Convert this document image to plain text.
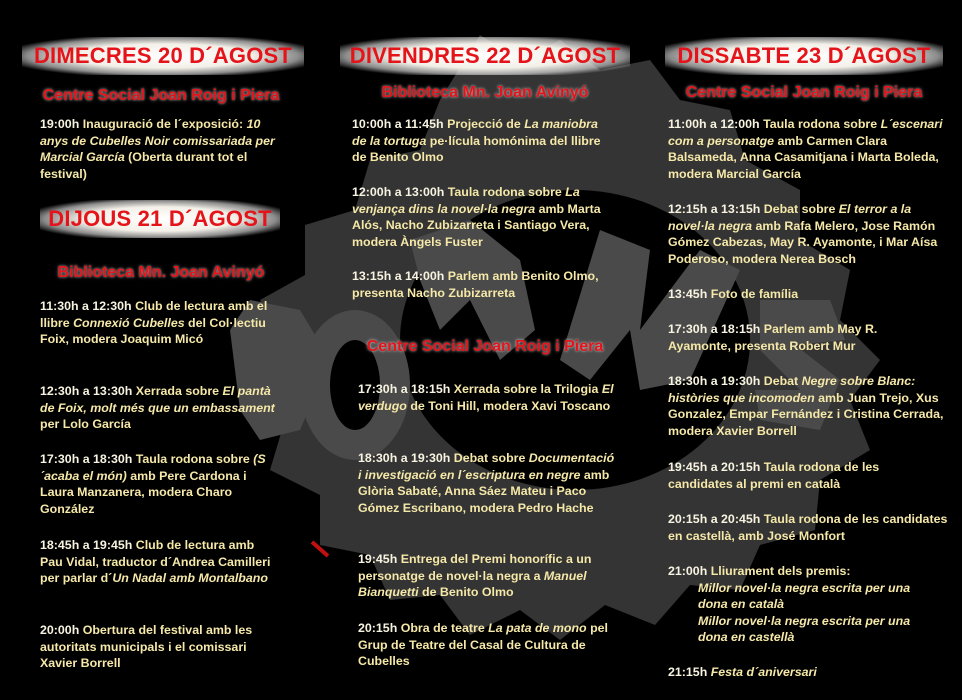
DIMECRES 20 D´AGOST
Centre Social Joan Roig i Piera
19:00h Inauguració de l´exposició: 10 anys de Cubelles Noir comissariada per Marcial García (Oberta durant tot el festival)
DIJOUS 21 D´AGOST
Biblioteca Mn. Joan Avinyó
11:30h a 12:30h Club de lectura amb el llibre Connexió Cubelles del Col·lectiu Foix, modera Joaquim Micó
12:30h a 13:30h Xerrada sobre El pantà de Foix, molt més que un embassament per Lolo García
17:30h a 18:30h Taula rodona sobre (S´acaba el món) amb Pere Cardona i Laura Manzanera, modera Charo González
18:45h a 19:45h Club de lectura amb Pau Vidal, traductor d´Andrea Camilleri per parlar d´Un Nadal amb Montalbano
20:00h Obertura del festival amb les autoritats municipals i el comissari Xavier Borrell
DIVENDRES 22 D´AGOST
Biblioteca Mn. Joan Avinyó
10:00h a 11:45h Projecció de La maniobra de la tortuga pe·lícula homónima del llibre de Benito Olmo
12:00h a 13:00h Taula rodona sobre La venjança dins la novel·la negra amb Marta Alós, Nacho Zubizarreta i Santiago Vera, modera Àngels Fuster
13:15h a 14:00h Parlem amb Benito Olmo, presenta Nacho Zubizarreta
Centre Social Joan Roig i Piera
17:30h a 18:15h Xerrada sobre la Trilogia El verdugo de Toni Hill, modera Xavi Toscano
18:30h a 19:30h Debat sobre Documentació i investigació en l´escriptura en negre amb Glòria Sabaté, Anna Sáez Mateu i Paco Gómez Escribano, modera Pedro Hache
19:45h Entrega del Premi honorífic a un personatge de novel·la negra a Manuel Bianquetti de Benito Olmo
20:15h Obra de teatre La pata de mono pel Grup de Teatre del Casal de Cultura de Cubelles
DISSABTE 23 D´AGOST
Centre Social Joan Roig i Piera
11:00h a 12:00h Taula rodona sobre L´escenari com a personatge amb Carmen Clara Balsameda, Anna Casamitjana i Marta Boleda, modera Marcial García
12:15h a 13:15h Debat sobre El terror a la novel·la negra amb Rafa Melero, Jose Ramón Gómez Cabezas, May R. Ayamonte, i Mar Aísa Poderoso, modera Nerea Bosch
13:45h Foto de família
17:30h a 18:15h Parlem amb May R. Ayamonte, presenta Robert Mur
18:30h a 19:30h Debat Negre sobre Blanc: històries que incomoden amb Juan Trejo, Xus Gonzalez, Empar Fernández i Cristina Cerrada, modera Xavier Borrell
19:45h a 20:15h Taula rodona de les candidates al premi en català
20:15h a 20:45h Taula rodona de les candidates en castellà, amb José Monfort
21:00h Lliurament dels premis:
Millor novel·la negra escrita per una dona en català
Millor novel·la negra escrita per una dona en castellà
21:15h Festa d´aniversari
